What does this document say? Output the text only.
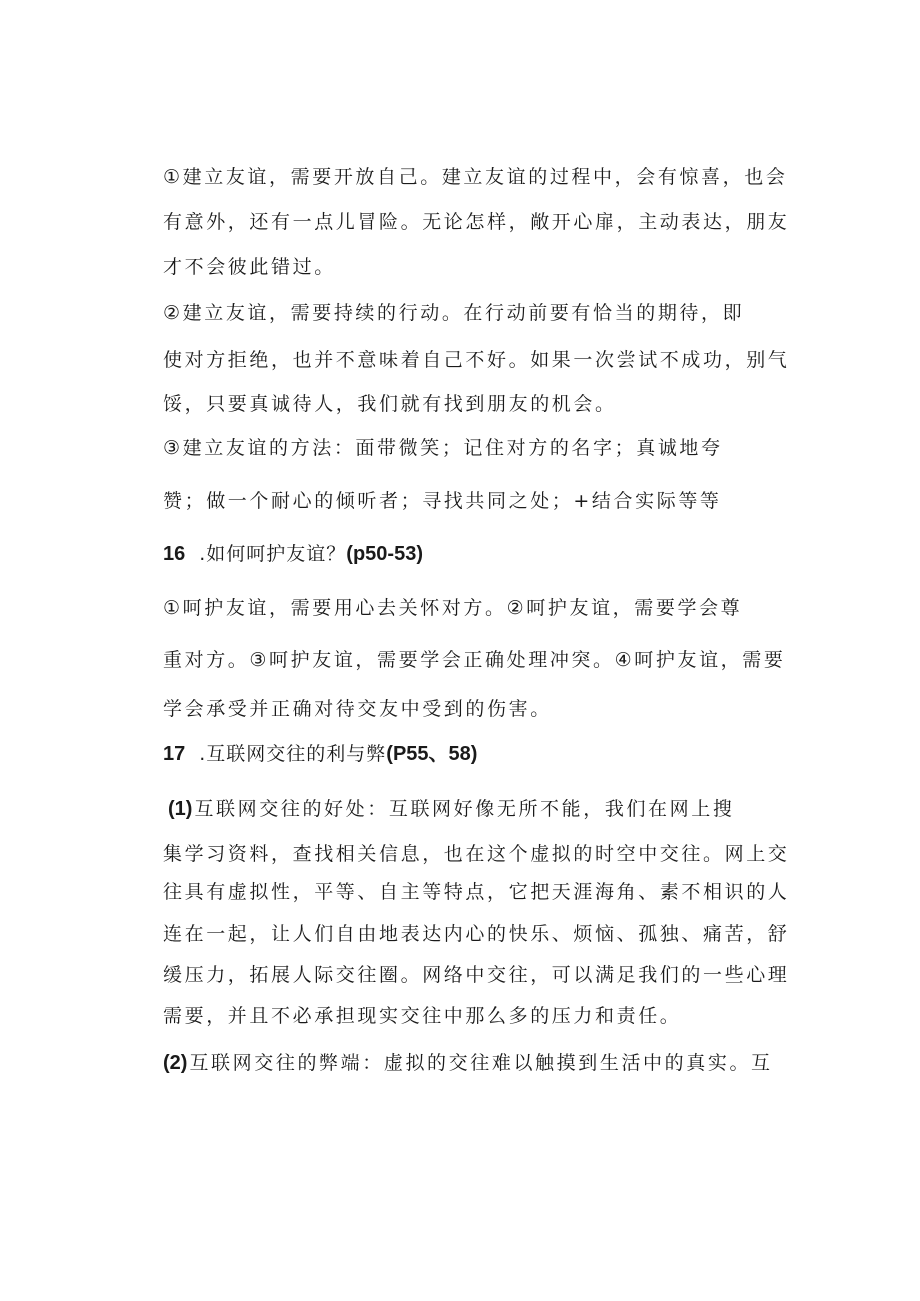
①建立友谊，需要开放自己。建立友谊的过程中，会有惊喜，也会
有意外，还有一点儿冒险。无论怎样，敞开心扉，主动表达，朋友
才不会彼此错过。
②建立友谊，需要持续的行动。在行动前要有恰当的期待，即
使对方拒绝，也并不意味着自己不好。如果一次尝试不成功，别气
馁，只要真诚待人，我们就有找到朋友的机会。
③建立友谊的方法：面带微笑；记住对方的名字；真诚地夸
赞；做一个耐心的倾听者；寻找共同之处；+结合实际等等
16 .如何呵护友谊？(p50-53)
①呵护友谊，需要用心去关怀对方。②呵护友谊，需要学会尊
重对方。③呵护友谊，需要学会正确处理冲突。④呵护友谊，需要
学会承受并正确对待交友中受到的伤害。
17 .互联网交往的利与弊(P55、58)
(1) 互联网交往的好处：互联网好像无所不能，我们在网上搜
集学习资料，查找相关信息，也在这个虚拟的时空中交往。网上交
往具有虚拟性，平等、自主等特点，它把天涯海角、素不相识的人
连在一起，让人们自由地表达内心的快乐、烦恼、孤独、痛苦，舒
缓压力，拓展人际交往圈。网络中交往，可以满足我们的一些心理
需要，并且不必承担现实交往中那么多的压力和责任。
(2) 互联网交往的弊端：虚拟的交往难以触摸到生活中的真实。互
